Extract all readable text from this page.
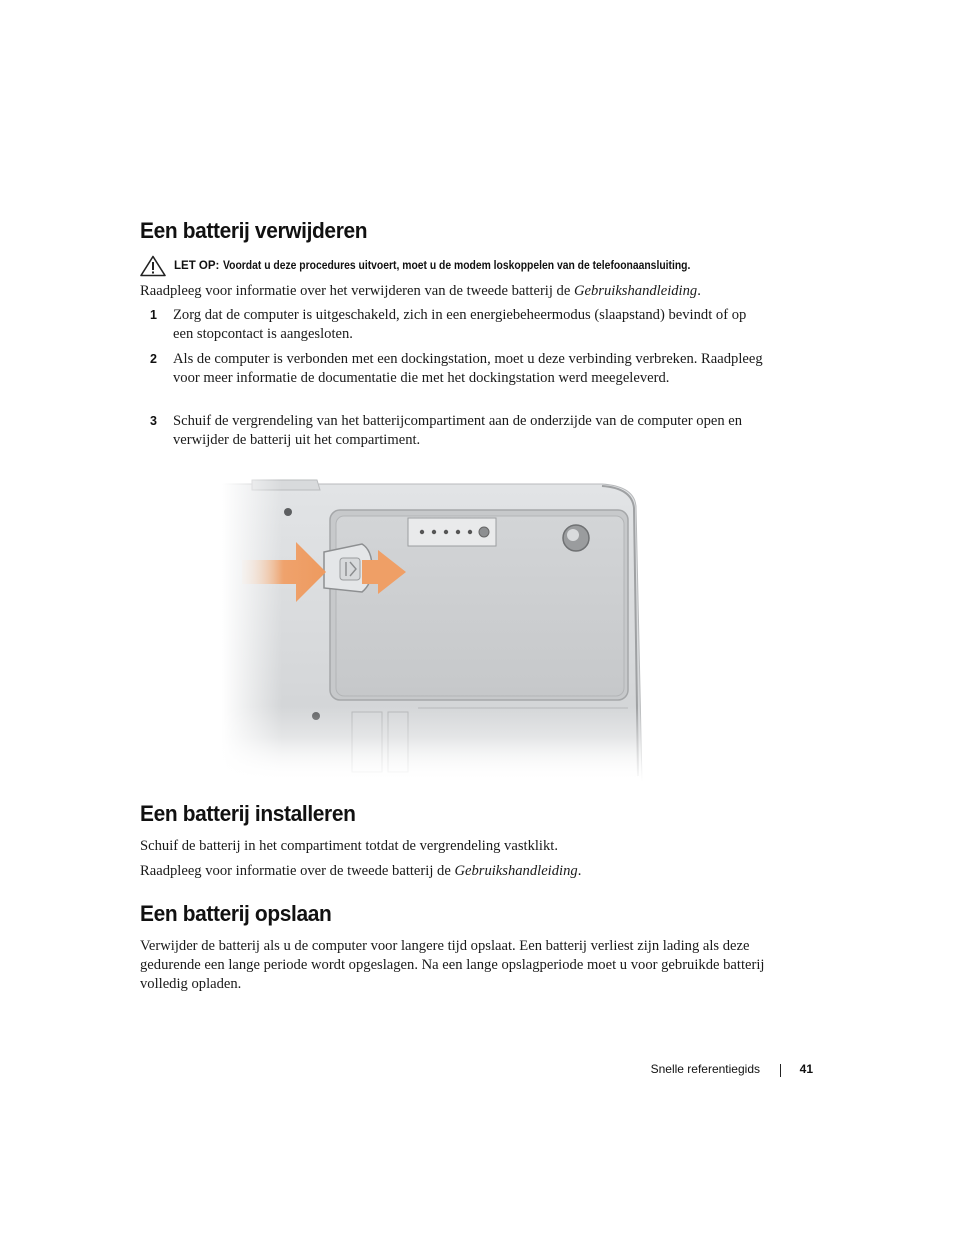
Een batterij verwijderen
LET OP: Voordat u deze procedures uitvoert, moet u de modem loskoppelen van de telefoonaansluiting.
Raadpleeg voor informatie over het verwijderen van de tweede batterij de Gebruikshandleiding.
1 Zorg dat de computer is uitgeschakeld, zich in een energiebeheermodus (slaapstand) bevindt of op een stopcontact is aangesloten.
2 Als de computer is verbonden met een dockingstation, moet u deze verbinding verbreken. Raadpleeg voor meer informatie de documentatie die met het dockingstation werd meegeleverd.
3 Schuif de vergrendeling van het batterijcompartiment aan de onderzijde van de computer open en verwijder de batterij uit het compartiment.
Een batterij installeren
Schuif de batterij in het compartiment totdat de vergrendeling vastklikt.
Raadpleeg voor informatie over de tweede batterij de Gebruikshandleiding.
Een batterij opslaan
Verwijder de batterij als u de computer voor langere tijd opslaat. Een batterij verliest zijn lading als deze gedurende een lange periode wordt opgeslagen. Na een lange opslagperiode moet u voor gebruikde batterij volledig opladen.
Snelle referentiegids	41
